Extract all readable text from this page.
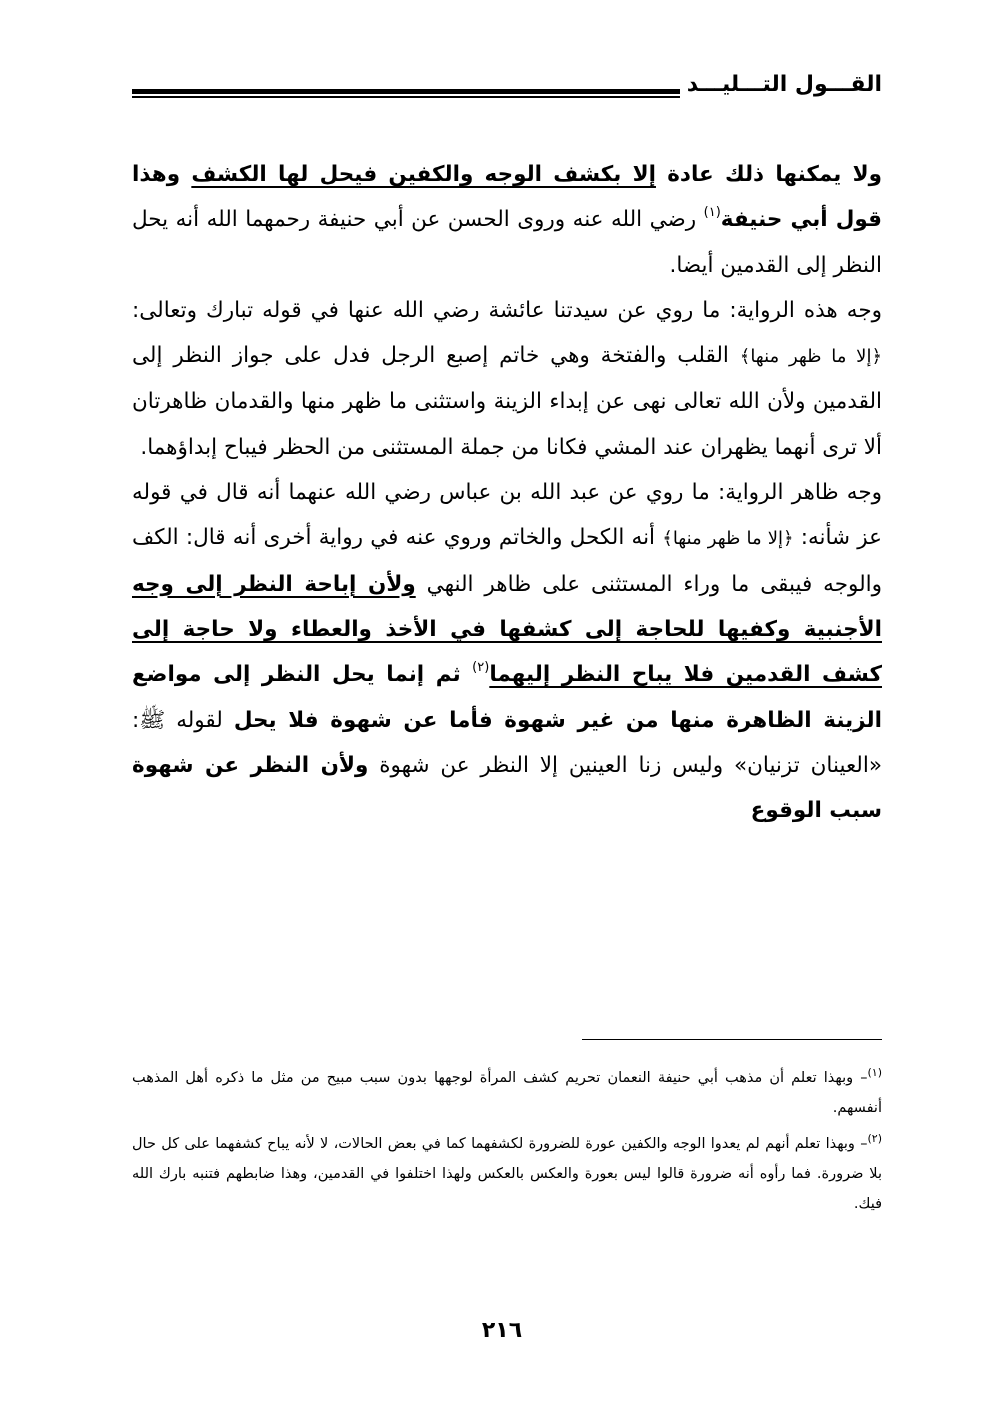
القـــول التـــليـــد

ولا يمكنها ذلك عادة إلا بكشف الوجه والكفين فيحل لها الكشف وهذا قول أبي حنيفة$^{(١)}$ رضي الله عنه وروى الحسن عن أبي حنيفة رحمهما الله أنه يحل النظر إلى القدمين أيضا.

وجه هذه الرواية: ما روي عن سيدتنا عائشة رضي الله عنها في قوله تبارك وتعالى: ﴿إلا ما ظهر منها﴾ القلب والفتخة وهي خاتم إصبع الرجل فدل على جواز النظر إلى القدمين ولأن الله تعالى نهى عن إبداء الزينة واستثنى ما ظهر منها والقدمان ظاهرتان ألا ترى أنهما يظهران عند المشي فكانا من جملة المستثنى من الحظر فيباح إبداؤهما.

وجه ظاهر الرواية: ما روي عن عبد الله بن عباس رضي الله عنهما أنه قال في قوله عز شأنه: ﴿إلا ما ظهر منها﴾ أنه الكحل والخاتم وروي عنه في رواية أخرى أنه قال: الكف والوجه فيبقى ما وراء المستثنى على ظاهر النهي ولأن إباحة النظر إلى وجه الأجنبية وكفيها للحاجة إلى كشفها في الأخذ والعطاء ولا حاجة إلى كشف القدمين فلا يباح النظر إليهما$^{(٢)}$ ثم إنما يحل النظر إلى مواضع الزينة الظاهرة منها من غير شهوة فأما عن شهوة فلا يحل لقوله ﷺ: «العينان تزنيان» وليس زنا العينين إلا النظر عن شهوة ولأن النظر عن شهوة سبب الوقوع

$^{(١)}$– وبهذا تعلم أن مذهب أبي حنيفة النعمان تحريم كشف المرأة لوجهها بدون سبب مبيح من مثل ما ذكره أهل المذهب أنفسهم.

$^{(٢)}$– وبهذا تعلم أنهم لم يعدوا الوجه والكفين عورة للضرورة لكشفهما كما في بعض الحالات، لا لأنه يباح كشفهما على كل حال بلا ضرورة. فما رأوه أنه ضرورة قالوا ليس بعورة والعكس بالعكس ولهذا اختلفوا في القدمين، وهذا ضابطهم فتنبه بارك الله فيك.

٢١٦
